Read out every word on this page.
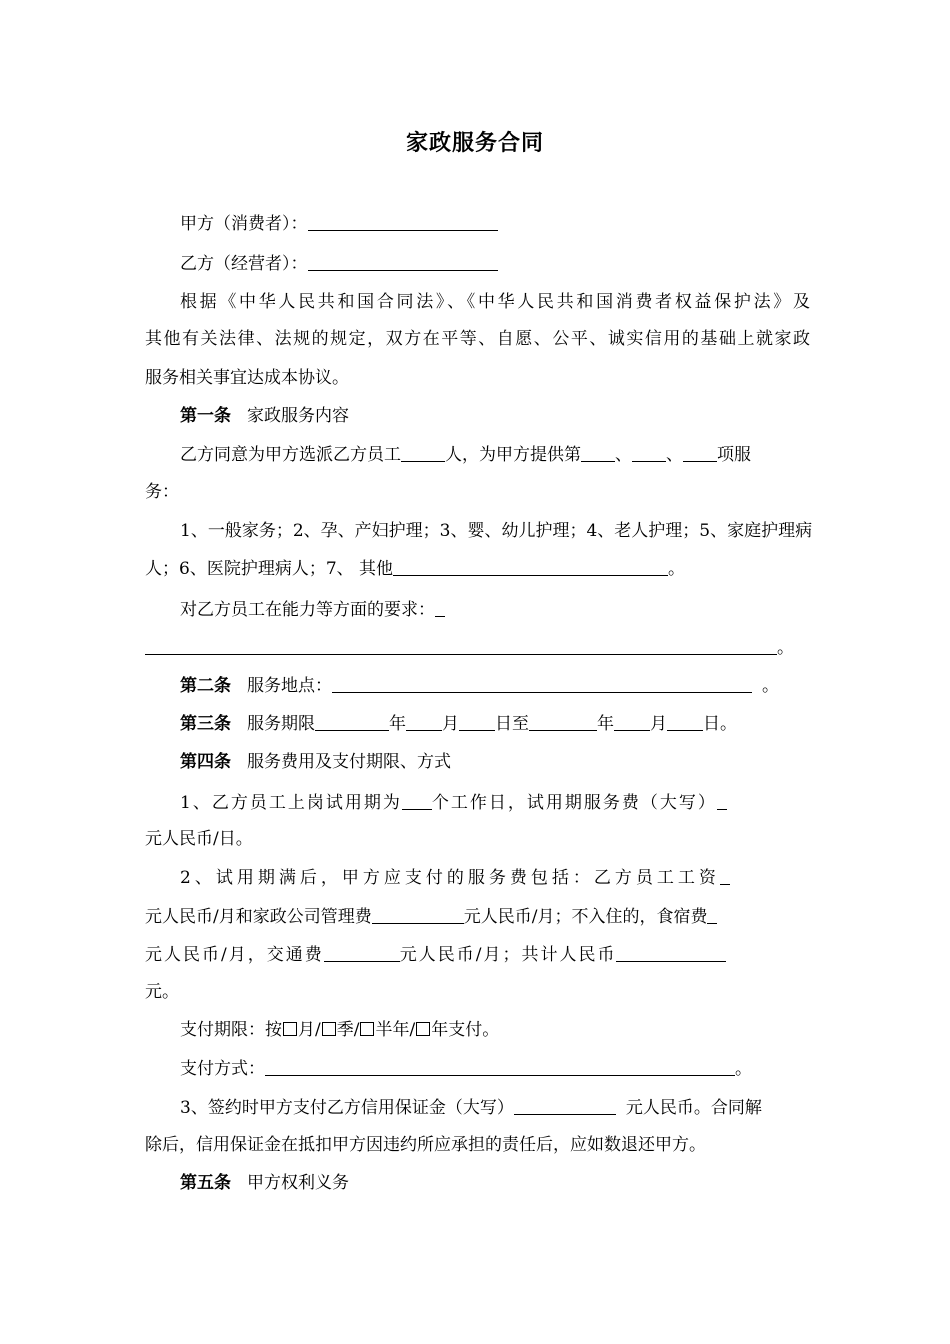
家政服务合同
甲方（消费者）：
乙方（经营者）：
根据《中华人民共和国合同法》、《中华人民共和国消费者权益保护法》及
其他有关法律、法规的规定，双方在平等、自愿、公平、诚实信用的基础上就家政
服务相关事宜达成本协议。
第一条 家政服务内容
乙方同意为甲方选派乙方员工	人，为甲方提供第 、 、 项服
务：
1、一般家务；2、孕、产妇护理；3、婴、幼儿护理；4、老人护理；5、家庭护理病
人；6、医院护理病人；7、 其他	。
对乙方员工在能力等方面的要求：
。
第二条 服务地点：	。
第三条 服务期限	年 月 日至	年 月 日。
第四条 服务费用及支付期限、方式
1、乙方员工上岗试用期为 个工作日，试用期服务费（大写）
元人民币/日。
2、试用期满后，甲方应支付的服务费包括：乙方员工工资
元人民币/月和家政公司管理费	元人民币/月；不入住的，食宿费
元人民币/月，交通费	元人民币/月；共计人民币
元。
支付期限：按 月/ 季/ 半年/ 年支付。
支付方式：	。
3、签约时甲方支付乙方信用保证金（大写）	元人民币。合同解
除后，信用保证金在抵扣甲方因违约所应承担的责任后，应如数退还甲方。
第五条 甲方权利义务
